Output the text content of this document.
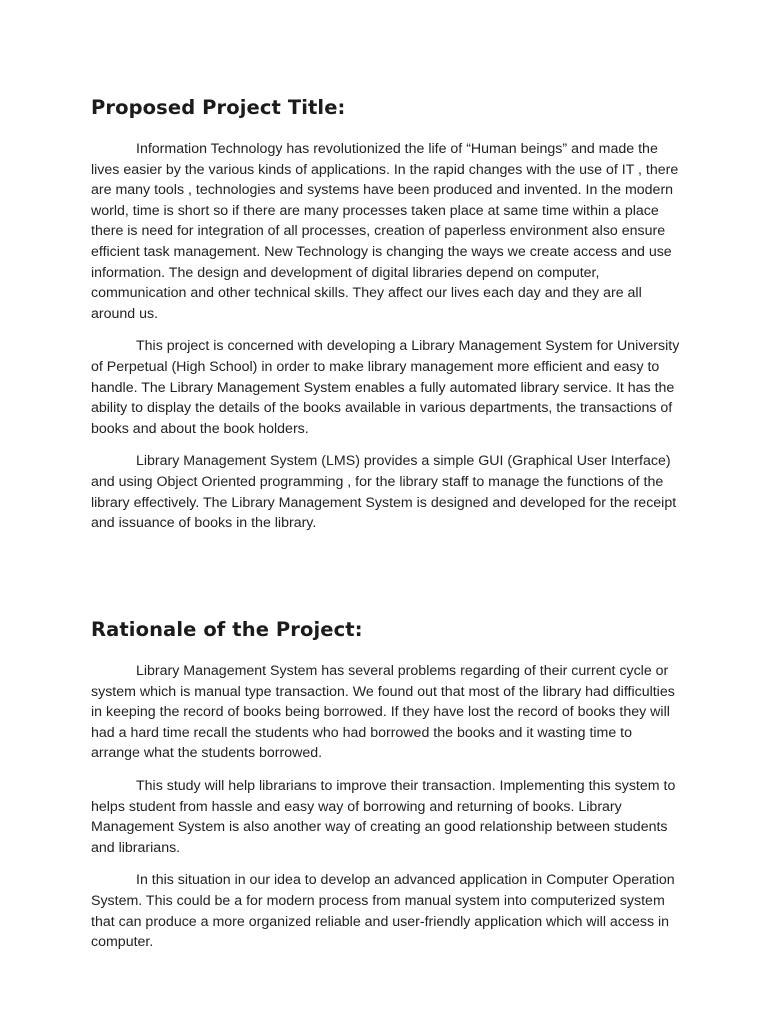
Proposed Project Title:

Information Technology has revolutionized the life of “Human beings” and made the lives easier by the various kinds of applications. In the rapid changes with the use of IT , there are many tools , technologies and systems have been produced and invented. In the modern world, time is short so if there are many processes taken place at same time within a place there is need for integration of all processes, creation of paperless environment also ensure efficient task management. New Technology is changing the ways we create access and use information. The design and development of digital libraries depend on computer, communication and other technical skills. They affect our lives each day and they are all around us.

This project is concerned with developing a Library Management System for University of Perpetual (High School) in order to make library management more efficient and easy to handle. The Library Management System enables a fully automated library service. It has the ability to display the details of the books available in various departments, the transactions of books and about the book holders.

Library Management System (LMS) provides a simple GUI (Graphical User Interface) and using Object Oriented programming , for the library staff to manage the functions of the library effectively. The Library Management System is designed and developed for the receipt and issuance of books in the library.

Rationale of the Project:

Library Management System has several problems regarding of their current cycle or system which is manual type transaction. We found out that most of the library had difficulties in keeping the record of books being borrowed. If they have lost the record of books they will had a hard time recall the students who had borrowed the books and it wasting time to arrange what the students borrowed.

This study will help librarians to improve their transaction. Implementing this system to helps student from hassle and easy way of borrowing and returning of books. Library Management System is also another way of creating an good relationship between students and librarians.

In this situation in our idea to develop an advanced application in Computer Operation System. This could be a for modern process from manual system into computerized system that can produce a more organized reliable and user-friendly application which will access in computer.
